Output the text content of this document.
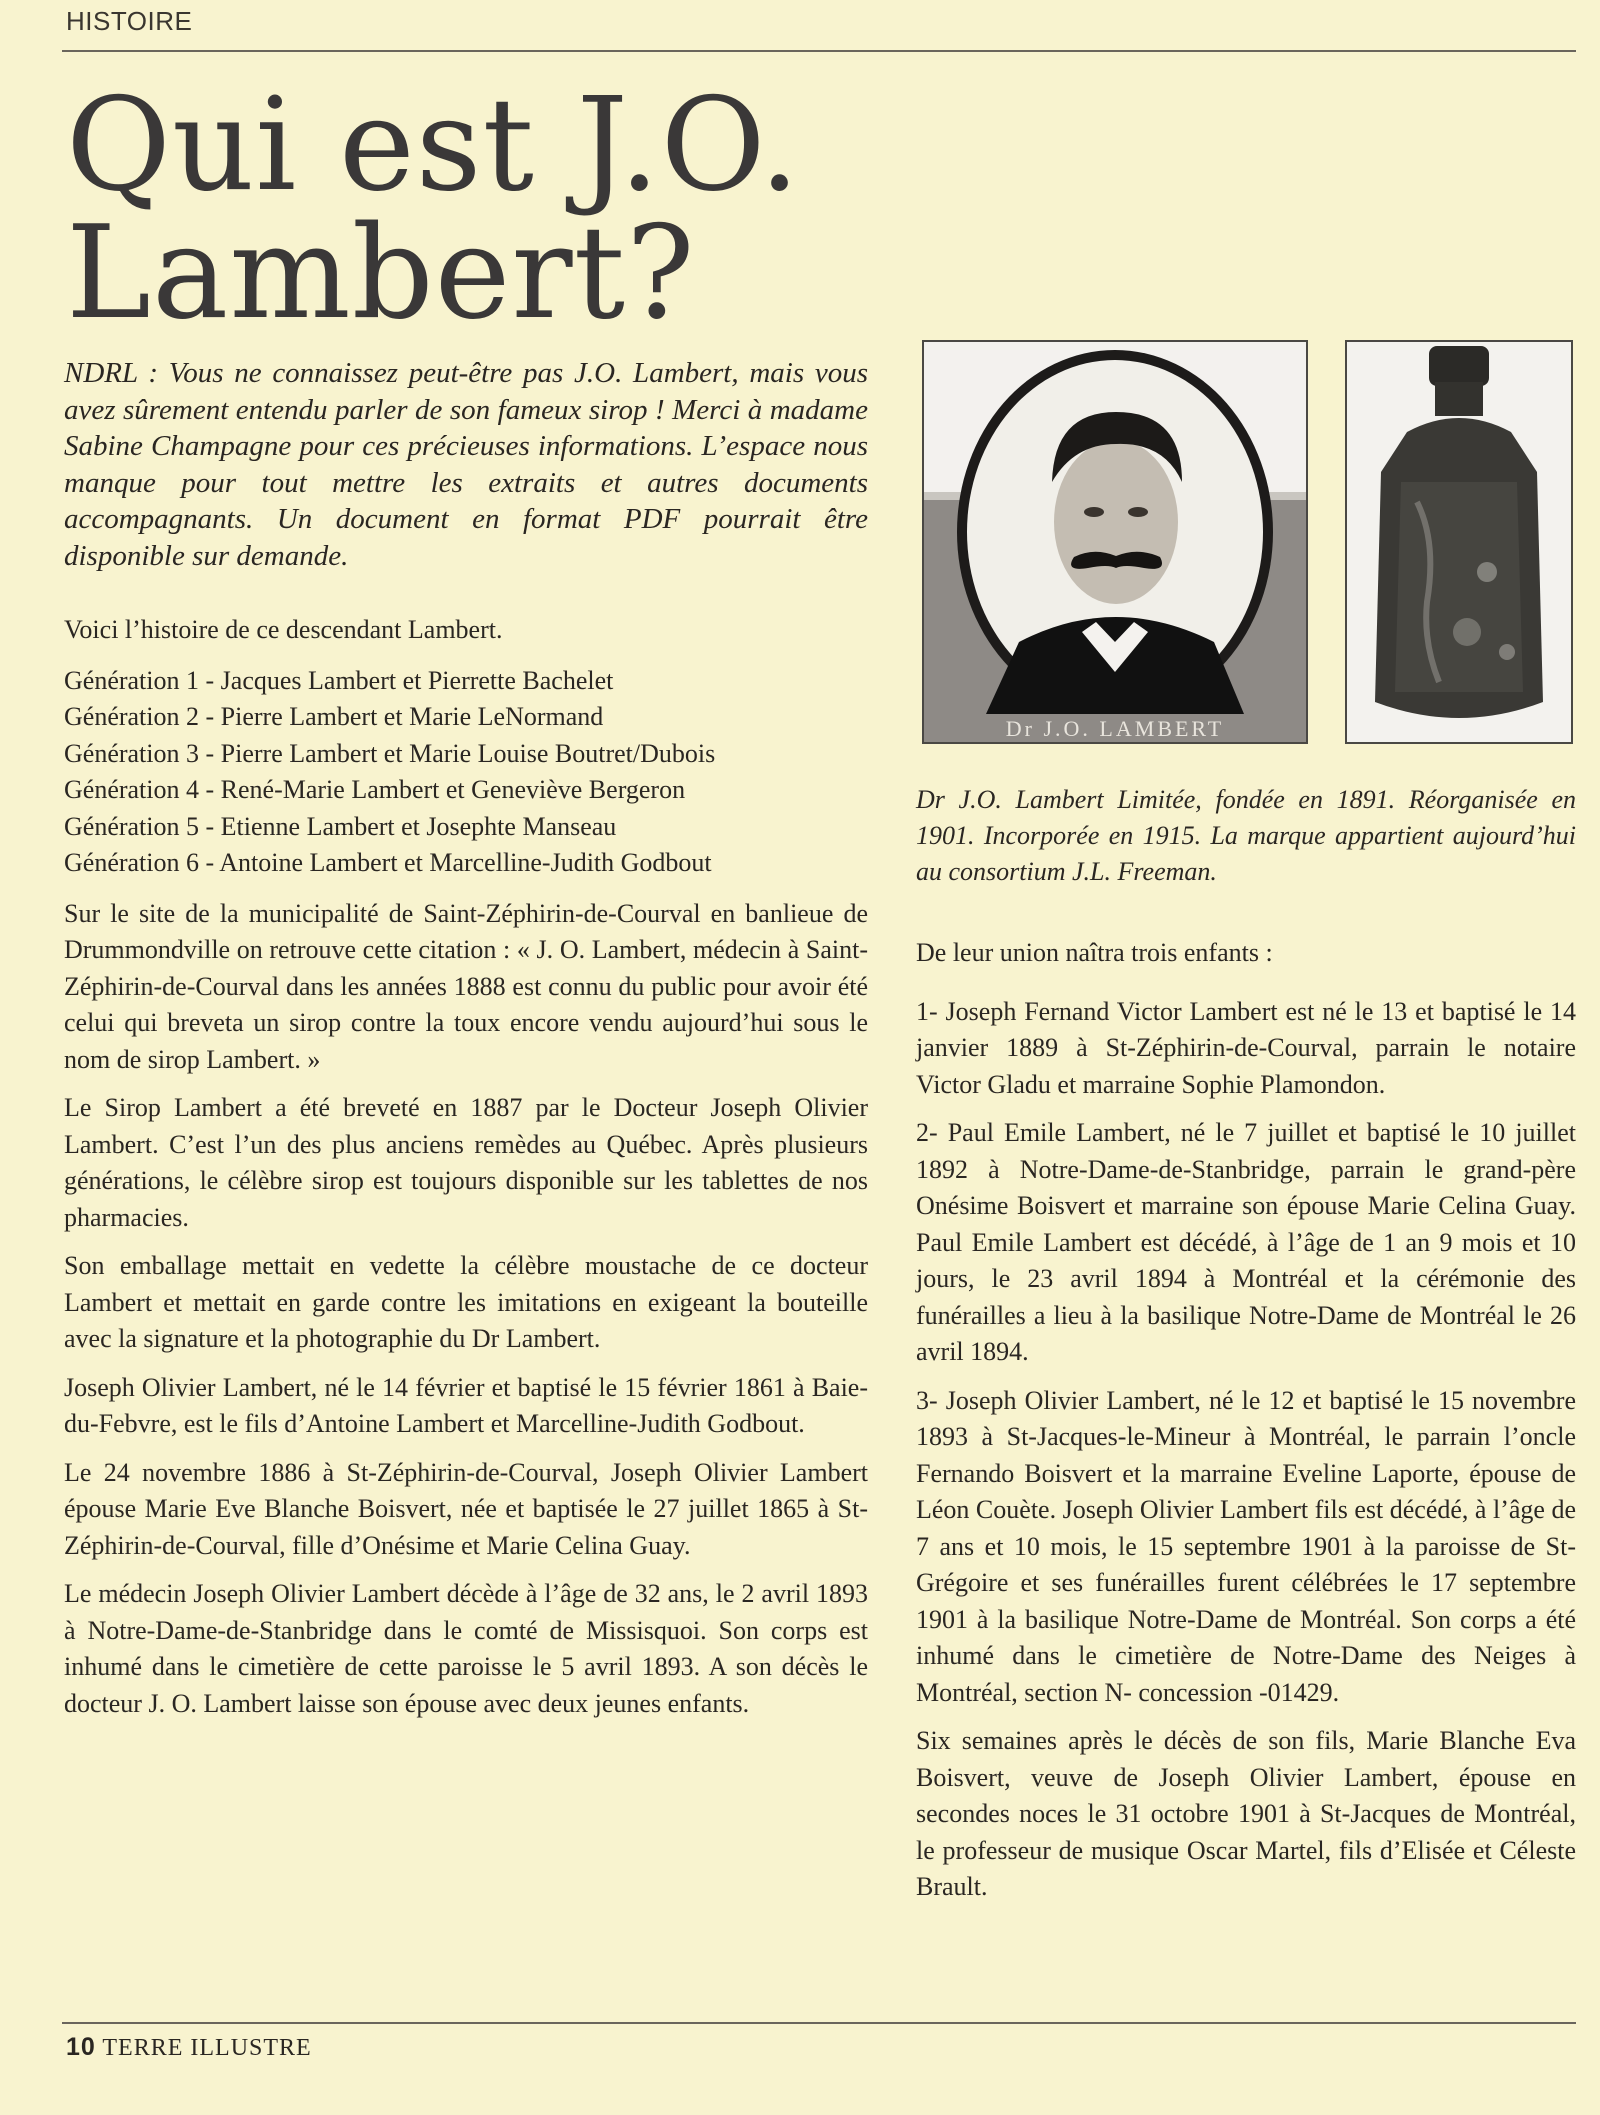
HISTOIRE
Qui est J.O. Lambert?

NDRL : Vous ne connaissez peut-être pas J.O. Lambert, mais vous avez sûrement entendu parler de son fameux sirop ! Merci à madame Sabine Champagne pour ces précieuses informations. L’espace nous manque pour tout mettre les extraits et autres documents accompagnants. Un document en format PDF pourrait être disponible sur demande.

Voici l’histoire de ce descendant Lambert.

Génération 1 - Jacques Lambert et Pierrette Bachelet

Génération 2 - Pierre Lambert et Marie LeNormand

Génération 3 - Pierre Lambert et Marie Louise Boutret/Dubois

Génération 4 - René-Marie Lambert et Geneviève Bergeron

Génération 5 - Etienne Lambert et Josephte Manseau

Génération 6 - Antoine Lambert et Marcelline-Judith Godbout

Sur le site de la municipalité de Saint-Zéphirin-de-Courval en banlieue de Drummondville on retrouve cette citation : « J. O. Lambert, médecin à Saint-Zéphirin-de-Courval dans les années 1888 est connu du public pour avoir été celui qui breveta un sirop contre la toux encore vendu aujourd’hui sous le nom de sirop Lambert. »

Le Sirop Lambert a été breveté en 1887 par le Docteur Joseph Olivier Lambert. C’est l’un des plus anciens remèdes au Québec. Après plusieurs générations, le célèbre sirop est toujours disponible sur les tablettes de nos pharmacies.

Son emballage mettait en vedette la célèbre moustache de ce docteur Lambert et mettait en garde contre les imitations en exigeant la bouteille avec la signature et la photographie du Dr Lambert.

Joseph Olivier Lambert, né le 14 février et baptisé le 15 février 1861 à Baie-du-Febvre, est le fils d’Antoine Lambert et Marcelline-Judith Godbout.

Le 24 novembre 1886 à St-Zéphirin-de-Courval, Joseph Olivier Lambert épouse Marie Eve Blanche Boisvert, née et baptisée le 27 juillet 1865 à St-Zéphirin-de-Courval, fille d’Onésime et Marie Celina Guay.

Le médecin Joseph Olivier Lambert décède à l’âge de 32 ans, le 2 avril 1893 à Notre-Dame-de-Stanbridge dans le comté de Missisquoi. Son corps est inhumé dans le cimetière de cette paroisse le 5 avril 1893. A son décès le docteur J. O. Lambert laisse son épouse avec deux jeunes enfants.

Dr J.O. LAMBERT
Dr J.O. Lambert Limitée, fondée en 1891. Réorganisée en 1901. Incorporée en 1915. La marque appartient aujourd’hui au consortium J.L. Freeman.

De leur union naîtra trois enfants :

1- Joseph Fernand Victor Lambert est né le 13 et baptisé le 14 janvier 1889 à St-Zéphirin-de-Courval, parrain le notaire Victor Gladu et marraine Sophie Plamondon.

2- Paul Emile Lambert, né le 7 juillet et baptisé le 10 juillet 1892 à Notre-Dame-de-Stanbridge, parrain le grand-père Onésime Boisvert et marraine son épouse Marie Celina Guay. Paul Emile Lambert est décédé, à l’âge de 1 an 9 mois et 10 jours, le 23 avril 1894 à Montréal et la cérémonie des funérailles a lieu à la basilique Notre-Dame de Montréal le 26 avril 1894.

3- Joseph Olivier Lambert, né le 12 et baptisé le 15 novembre 1893 à St-Jacques-le-Mineur à Montréal, le parrain l’oncle Fernando Boisvert et la marraine Eveline Laporte, épouse de Léon Couète. Joseph Olivier Lambert fils est décédé, à l’âge de 7 ans et 10 mois, le 15 septembre 1901 à la paroisse de St-Grégoire et ses funérailles furent célébrées le 17 septembre 1901 à la basilique Notre-Dame de Montréal. Son corps a été inhumé dans le cimetière de Notre-Dame des Neiges à Montréal, section N- concession -01429.

Six semaines après le décès de son fils, Marie Blanche Eva Boisvert, veuve de Joseph Olivier Lambert, épouse en secondes noces le 31 octobre 1901 à St-Jacques de Montréal, le professeur de musique Oscar Martel, fils d’Elisée et Céleste Brault.

10 TERRE ILLUSTRE
